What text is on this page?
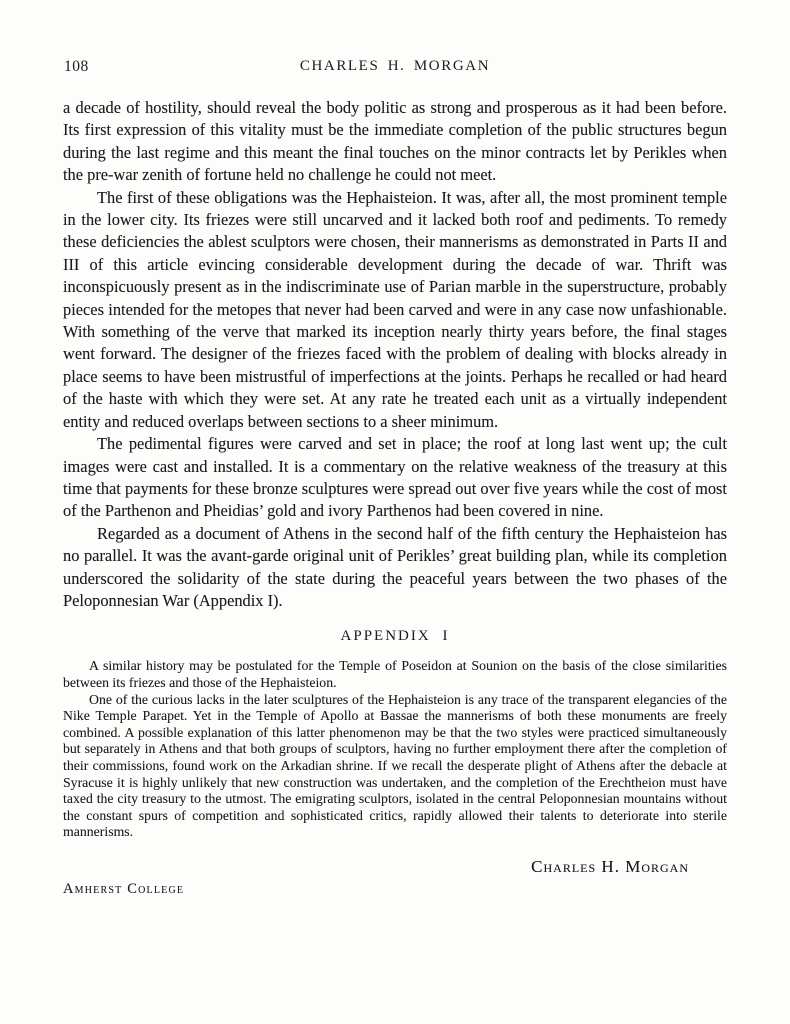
108	CHARLES H. MORGAN

a decade of hostility, should reveal the body politic as strong and prosperous as it had been before. Its first expression of this vitality must be the immediate completion of the public structures begun during the last regime and this meant the final touches on the minor contracts let by Perikles when the pre-war zenith of fortune held no challenge he could not meet.

The first of these obligations was the Hephaisteion. It was, after all, the most prominent temple in the lower city. Its friezes were still uncarved and it lacked both roof and pediments. To remedy these deficiencies the ablest sculptors were chosen, their mannerisms as demonstrated in Parts II and III of this article evincing considerable development during the decade of war. Thrift was inconspicuously present as in the indiscriminate use of Parian marble in the superstructure, probably pieces intended for the metopes that never had been carved and were in any case now unfashionable. With something of the verve that marked its inception nearly thirty years before, the final stages went forward. The designer of the friezes faced with the problem of dealing with blocks already in place seems to have been mistrustful of imperfections at the joints. Perhaps he recalled or had heard of the haste with which they were set. At any rate he treated each unit as a virtually independent entity and reduced overlaps between sections to a sheer minimum.

The pedimental figures were carved and set in place; the roof at long last went up; the cult images were cast and installed. It is a commentary on the relative weakness of the treasury at this time that payments for these bronze sculptures were spread out over five years while the cost of most of the Parthenon and Pheidias’ gold and ivory Parthenos had been covered in nine.

Regarded as a document of Athens in the second half of the fifth century the Hephaisteion has no parallel. It was the avant-garde original unit of Perikles’ great building plan, while its completion underscored the solidarity of the state during the peaceful years between the two phases of the Peloponnesian War (Appendix I).

APPENDIX I

A similar history may be postulated for the Temple of Poseidon at Sounion on the basis of the close similarities between its friezes and those of the Hephaisteion.

One of the curious lacks in the later sculptures of the Hephaisteion is any trace of the transparent elegancies of the Nike Temple Parapet. Yet in the Temple of Apollo at Bassae the mannerisms of both these monuments are freely combined. A possible explanation of this latter phenomenon may be that the two styles were practiced simultaneously but separately in Athens and that both groups of sculptors, having no further employment there after the completion of their commissions, found work on the Arkadian shrine. If we recall the desperate plight of Athens after the debacle at Syracuse it is highly unlikely that new construction was undertaken, and the completion of the Erechtheion must have taxed the city treasury to the utmost. The emigrating sculptors, isolated in the central Peloponnesian mountains without the constant spurs of competition and sophisticated critics, rapidly allowed their talents to deteriorate into sterile mannerisms.

Charles H. Morgan
Amherst College
